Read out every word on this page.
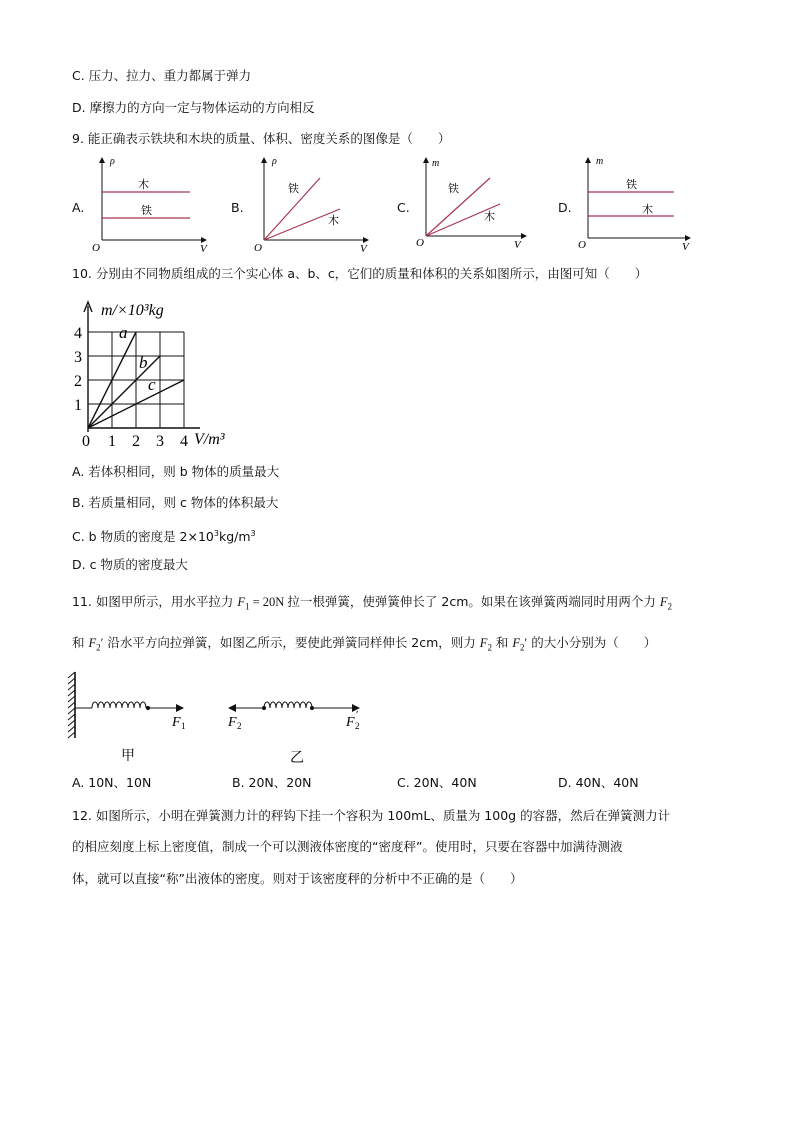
C. 压力、拉力、重力都属于弹力
D. 摩擦力的方向一定与物体运动的方向相反
9. 能正确表示铁块和木块的质量、体积、密度关系的图像是（　　）
A.
ρ
V
O
木
铁	B.
ρ
V
O
铁
木
C.
m
V
O
铁
木
D.
m
V
O
铁
木
10. 分别由不同物质组成的三个实心体 a、b、c，它们的质量和体积的关系如图所示，由图可知（　　）
a
b
c
m/×10³kg
4
3
2
1
0 1 2 3 4 V/m³
A. 若体积相同，则 b 物体的质量最大
B. 若质量相同，则 c 物体的体积最大
C. b 物质的密度是 $2\times 10^3kg/m^3$
D. c 物质的密度最大
11. 如图甲所示，用水平拉力 $F_1 = 20N$ 拉一根弹簧，使弹簧伸长了 2cm。如果在该弹簧两端同时用两个力 $F_2$
和 $F_2'$ 沿水平方向拉弹簧，如图乙所示，要使此弹簧同样伸长 2cm，则力 $F_2$ 和 $F_2'$ 的大小分别为（　　）
F 1
甲
F 2	F 2
′
乙
A. 10N、10N	B. 20N、20N	C. 20N、40N	D. 40N、40N
12. 如图所示，小明在弹簧测力计的秤钩下挂一个容积为 100mL、质量为 100g 的容器，然后在弹簧测力计
的相应刻度上标上密度值，制成一个可以测液体密度的“密度秤”。使用时，只要在容器中加满待测液
体，就可以直接“称”出液体的密度。则对于该密度秤的分析中不正确的是（　　）
